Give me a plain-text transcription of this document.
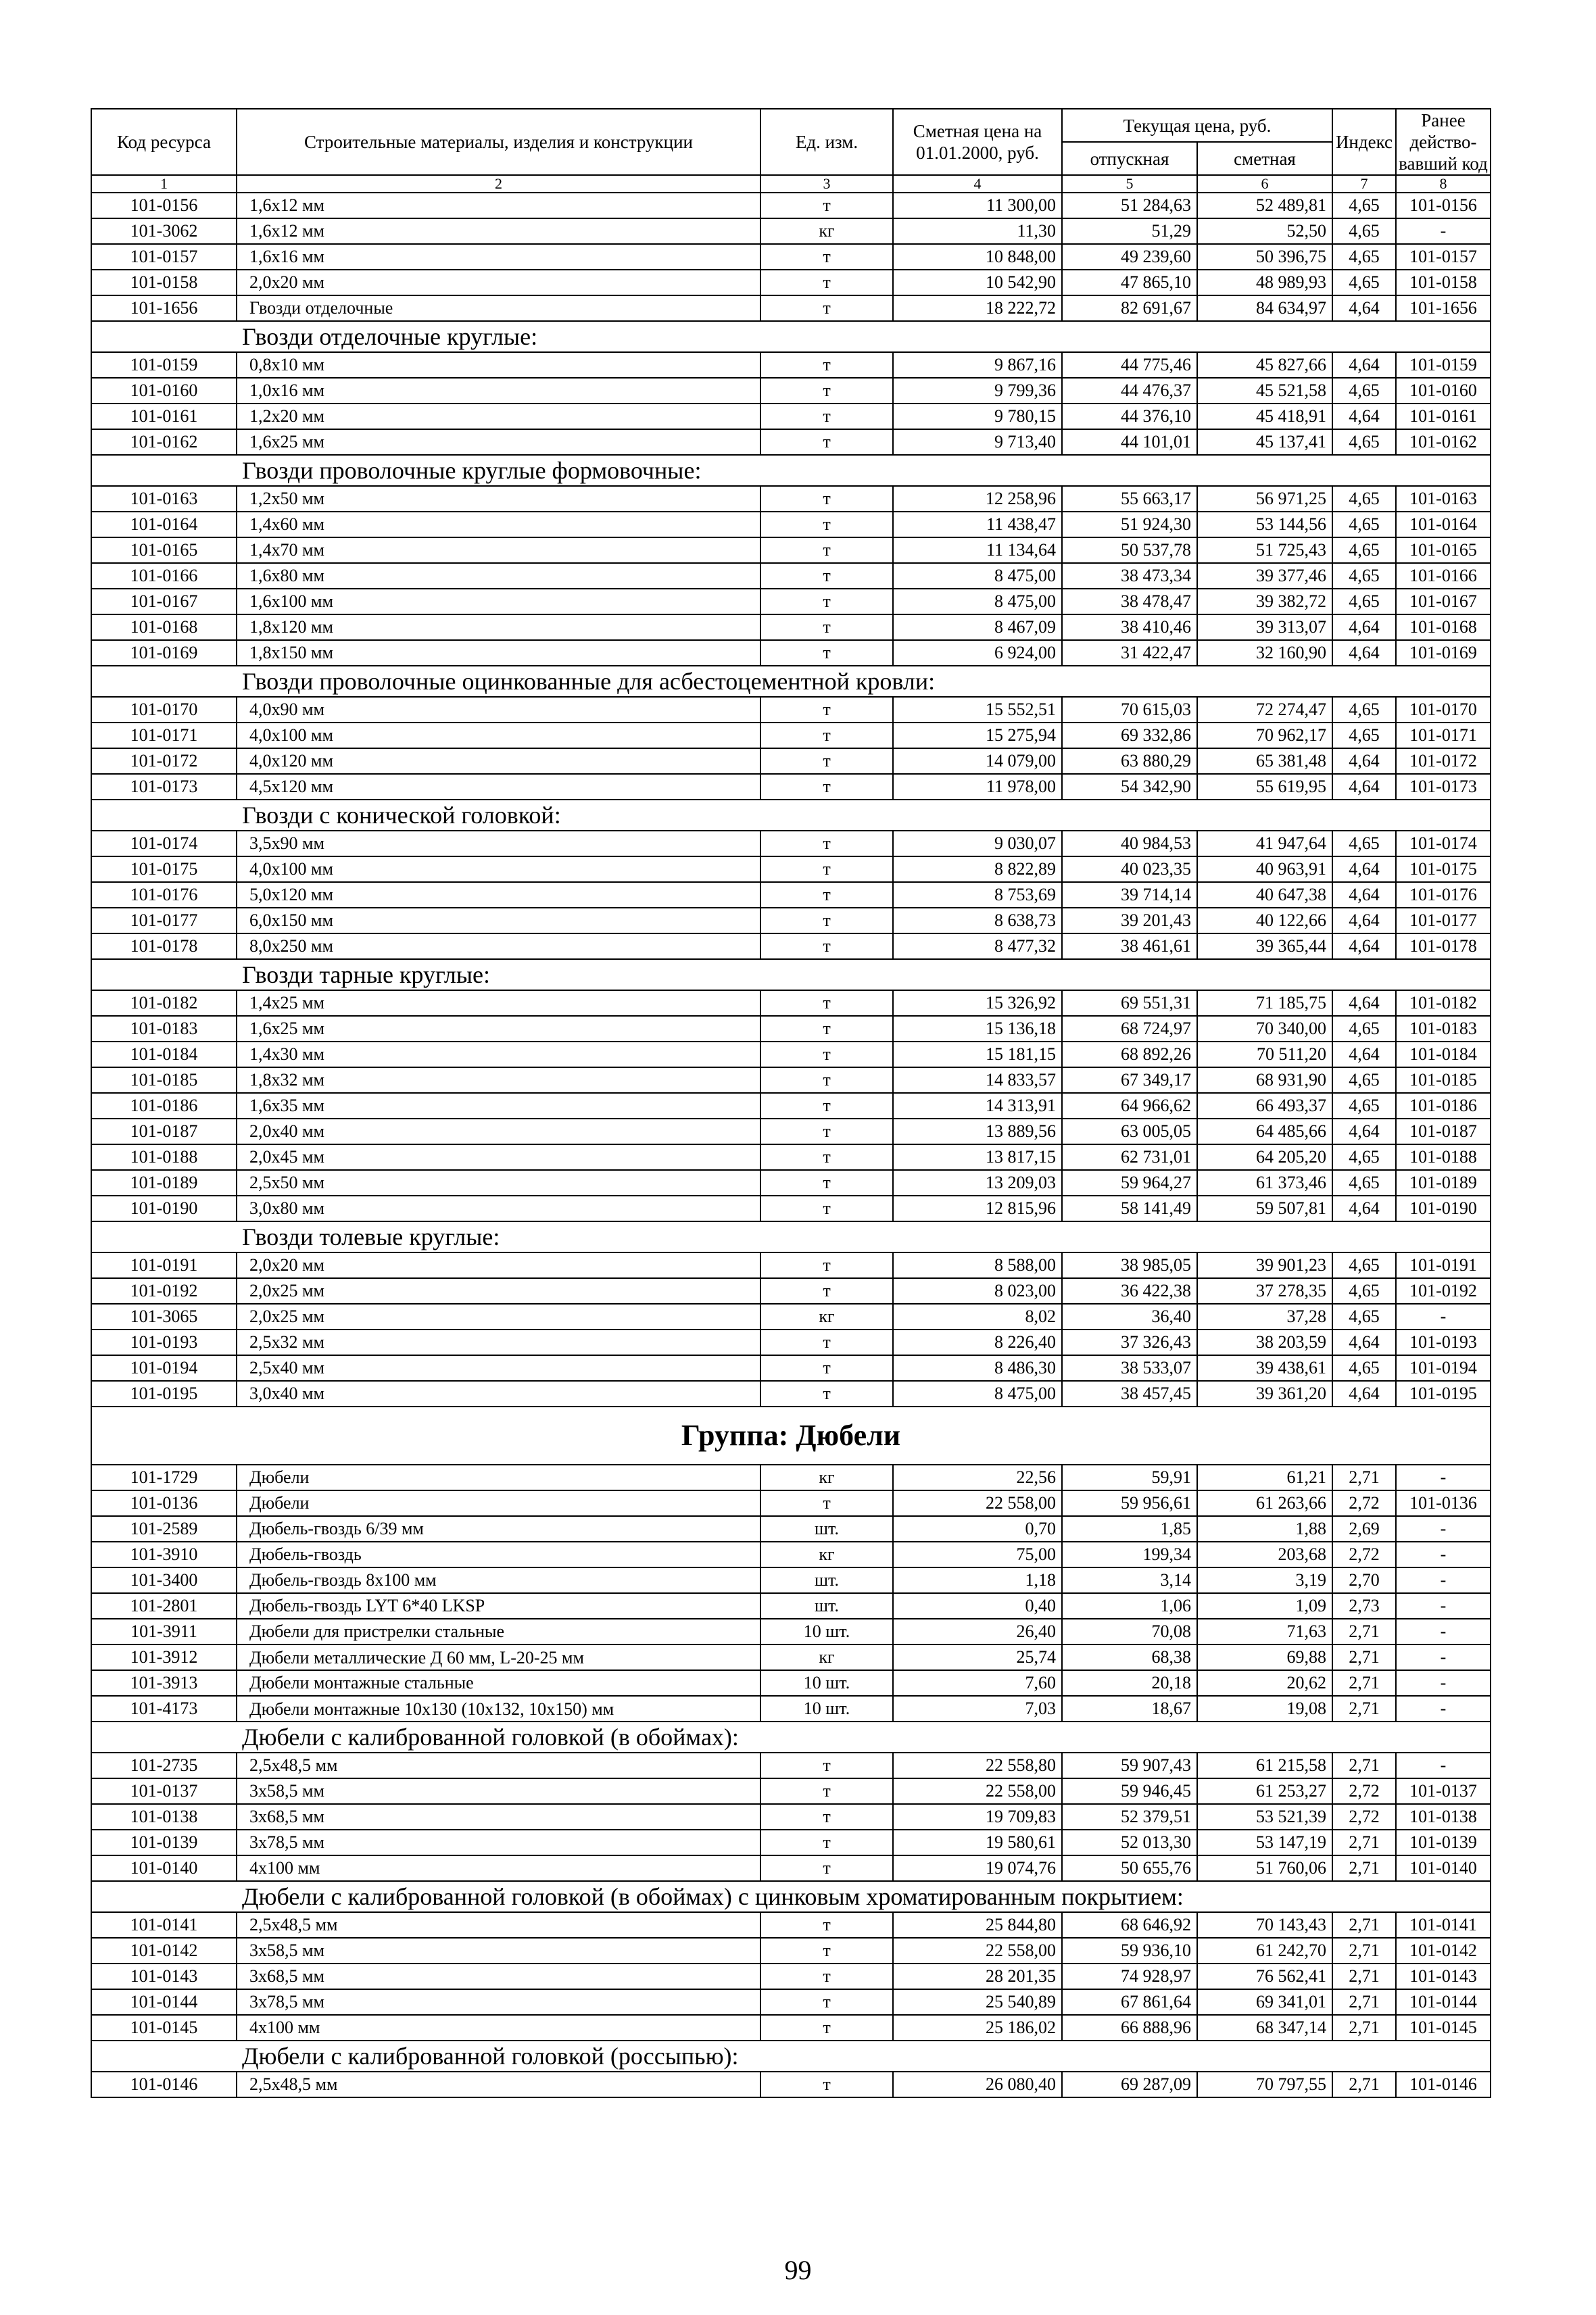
Код ресурса	Строительные материалы, изделия и конструкции	Ед. изм.	Сметная цена на 01.01.2000, руб.	Текущая цена, руб.		Индекс	Ранее действовавший код
				отпускная	сметная		
1	2	3	4	5	6	7	8
101-0156	1,6x12 мм	т	11 300,00	51 284,63	52 489,81	4,65	101-0156
101-3062	1,6x12 мм	кг	11,30	51,29	52,50	4,65	-
101-0157	1,6x16 мм	т	10 848,00	49 239,60	50 396,75	4,65	101-0157
101-0158	2,0x20 мм	т	10 542,90	47 865,10	48 989,93	4,65	101-0158
101-1656	Гвозди отделочные	т	18 222,72	82 691,67	84 634,97	4,64	101-1656
Гвозди отделочные круглые:							
101-0159	0,8x10 мм	т	9 867,16	44 775,46	45 827,66	4,64	101-0159
101-0160	1,0x16 мм	т	9 799,36	44 476,37	45 521,58	4,65	101-0160
101-0161	1,2x20 мм	т	9 780,15	44 376,10	45 418,91	4,64	101-0161
101-0162	1,6x25 мм	т	9 713,40	44 101,01	45 137,41	4,65	101-0162
Гвозди проволочные круглые формовочные:							
101-0163	1,2x50 мм	т	12 258,96	55 663,17	56 971,25	4,65	101-0163
101-0164	1,4x60 мм	т	11 438,47	51 924,30	53 144,56	4,65	101-0164
101-0165	1,4x70 мм	т	11 134,64	50 537,78	51 725,43	4,65	101-0165
101-0166	1,6x80 мм	т	8 475,00	38 473,34	39 377,46	4,65	101-0166
101-0167	1,6x100 мм	т	8 475,00	38 478,47	39 382,72	4,65	101-0167
101-0168	1,8x120 мм	т	8 467,09	38 410,46	39 313,07	4,64	101-0168
101-0169	1,8x150 мм	т	6 924,00	31 422,47	32 160,90	4,64	101-0169
Гвозди проволочные оцинкованные для асбестоцементной кровли:							
101-0170	4,0x90 мм	т	15 552,51	70 615,03	72 274,47	4,65	101-0170
101-0171	4,0x100 мм	т	15 275,94	69 332,86	70 962,17	4,65	101-0171
101-0172	4,0x120 мм	т	14 079,00	63 880,29	65 381,48	4,64	101-0172
101-0173	4,5x120 мм	т	11 978,00	54 342,90	55 619,95	4,64	101-0173
Гвозди с конической головкой:							
101-0174	3,5x90 мм	т	9 030,07	40 984,53	41 947,64	4,65	101-0174
101-0175	4,0x100 мм	т	8 822,89	40 023,35	40 963,91	4,64	101-0175
101-0176	5,0x120 мм	т	8 753,69	39 714,14	40 647,38	4,64	101-0176
101-0177	6,0x150 мм	т	8 638,73	39 201,43	40 122,66	4,64	101-0177
101-0178	8,0x250 мм	т	8 477,32	38 461,61	39 365,44	4,64	101-0178
Гвозди тарные круглые:							
101-0182	1,4x25 мм	т	15 326,92	69 551,31	71 185,75	4,64	101-0182
101-0183	1,6x25 мм	т	15 136,18	68 724,97	70 340,00	4,65	101-0183
101-0184	1,4x30 мм	т	15 181,15	68 892,26	70 511,20	4,64	101-0184
101-0185	1,8x32 мм	т	14 833,57	67 349,17	68 931,90	4,65	101-0185
101-0186	1,6x35 мм	т	14 313,91	64 966,62	66 493,37	4,65	101-0186
101-0187	2,0x40 мм	т	13 889,56	63 005,05	64 485,66	4,64	101-0187
101-0188	2,0x45 мм	т	13 817,15	62 731,01	64 205,20	4,65	101-0188
101-0189	2,5x50 мм	т	13 209,03	59 964,27	61 373,46	4,65	101-0189
101-0190	3,0x80 мм	т	12 815,96	58 141,49	59 507,81	4,64	101-0190
Гвозди толевые круглые:							
101-0191	2,0x20 мм	т	8 588,00	38 985,05	39 901,23	4,65	101-0191
101-0192	2,0x25 мм	т	8 023,00	36 422,38	37 278,35	4,65	101-0192
101-3065	2,0x25 мм	кг	8,02	36,40	37,28	4,65	-
101-0193	2,5x32 мм	т	8 226,40	37 326,43	38 203,59	4,64	101-0193
101-0194	2,5x40 мм	т	8 486,30	38 533,07	39 438,61	4,65	101-0194
101-0195	3,0x40 мм	т	8 475,00	38 457,45	39 361,20	4,64	101-0195
Группа: Дюбели							
101-1729	Дюбели	кг	22,56	59,91	61,21	2,71	-
101-0136	Дюбели	т	22 558,00	59 956,61	61 263,66	2,72	101-0136
101-2589	Дюбель-гвоздь 6/39 мм	шт.	0,70	1,85	1,88	2,69	-
101-3910	Дюбель-гвоздь	кг	75,00	199,34	203,68	2,72	-
101-3400	Дюбель-гвоздь 8x100 мм	шт.	1,18	3,14	3,19	2,70	-
101-2801	Дюбель-гвоздь LYT 6*40 LKSP	шт.	0,40	1,06	1,09	2,73	-
101-3911	Дюбели для пристрелки стальные	10 шт.	26,40	70,08	71,63	2,71	-
101-3912	Дюбели металлические Д 60 мм, L-20-25 мм	кг	25,74	68,38	69,88	2,71	-
101-3913	Дюбели монтажные стальные	10 шт.	7,60	20,18	20,62	2,71	-
101-4173	Дюбели монтажные 10x130 (10x132, 10x150) мм	10 шт.	7,03	18,67	19,08	2,71	-
Дюбели с калиброванной головкой (в обоймах):							
101-2735	2,5x48,5 мм	т	22 558,80	59 907,43	61 215,58	2,71	-
101-0137	3x58,5 мм	т	22 558,00	59 946,45	61 253,27	2,72	101-0137
101-0138	3x68,5 мм	т	19 709,83	52 379,51	53 521,39	2,72	101-0138
101-0139	3x78,5 мм	т	19 580,61	52 013,30	53 147,19	2,71	101-0139
101-0140	4x100 мм	т	19 074,76	50 655,76	51 760,06	2,71	101-0140
Дюбели с калиброванной головкой (в обоймах) с цинковым хроматированным покрытием:							
101-0141	2,5x48,5 мм	т	25 844,80	68 646,92	70 143,43	2,71	101-0141
101-0142	3x58,5 мм	т	22 558,00	59 936,10	61 242,70	2,71	101-0142
101-0143	3x68,5 мм	т	28 201,35	74 928,97	76 562,41	2,71	101-0143
101-0144	3x78,5 мм	т	25 540,89	67 861,64	69 341,01	2,71	101-0144
101-0145	4x100 мм	т	25 186,02	66 888,96	68 347,14	2,71	101-0145
Дюбели с калиброванной головкой (россыпью):							
101-0146	2,5x48,5 мм	т	26 080,40	69 287,09	70 797,55	2,71	101-0146
99
